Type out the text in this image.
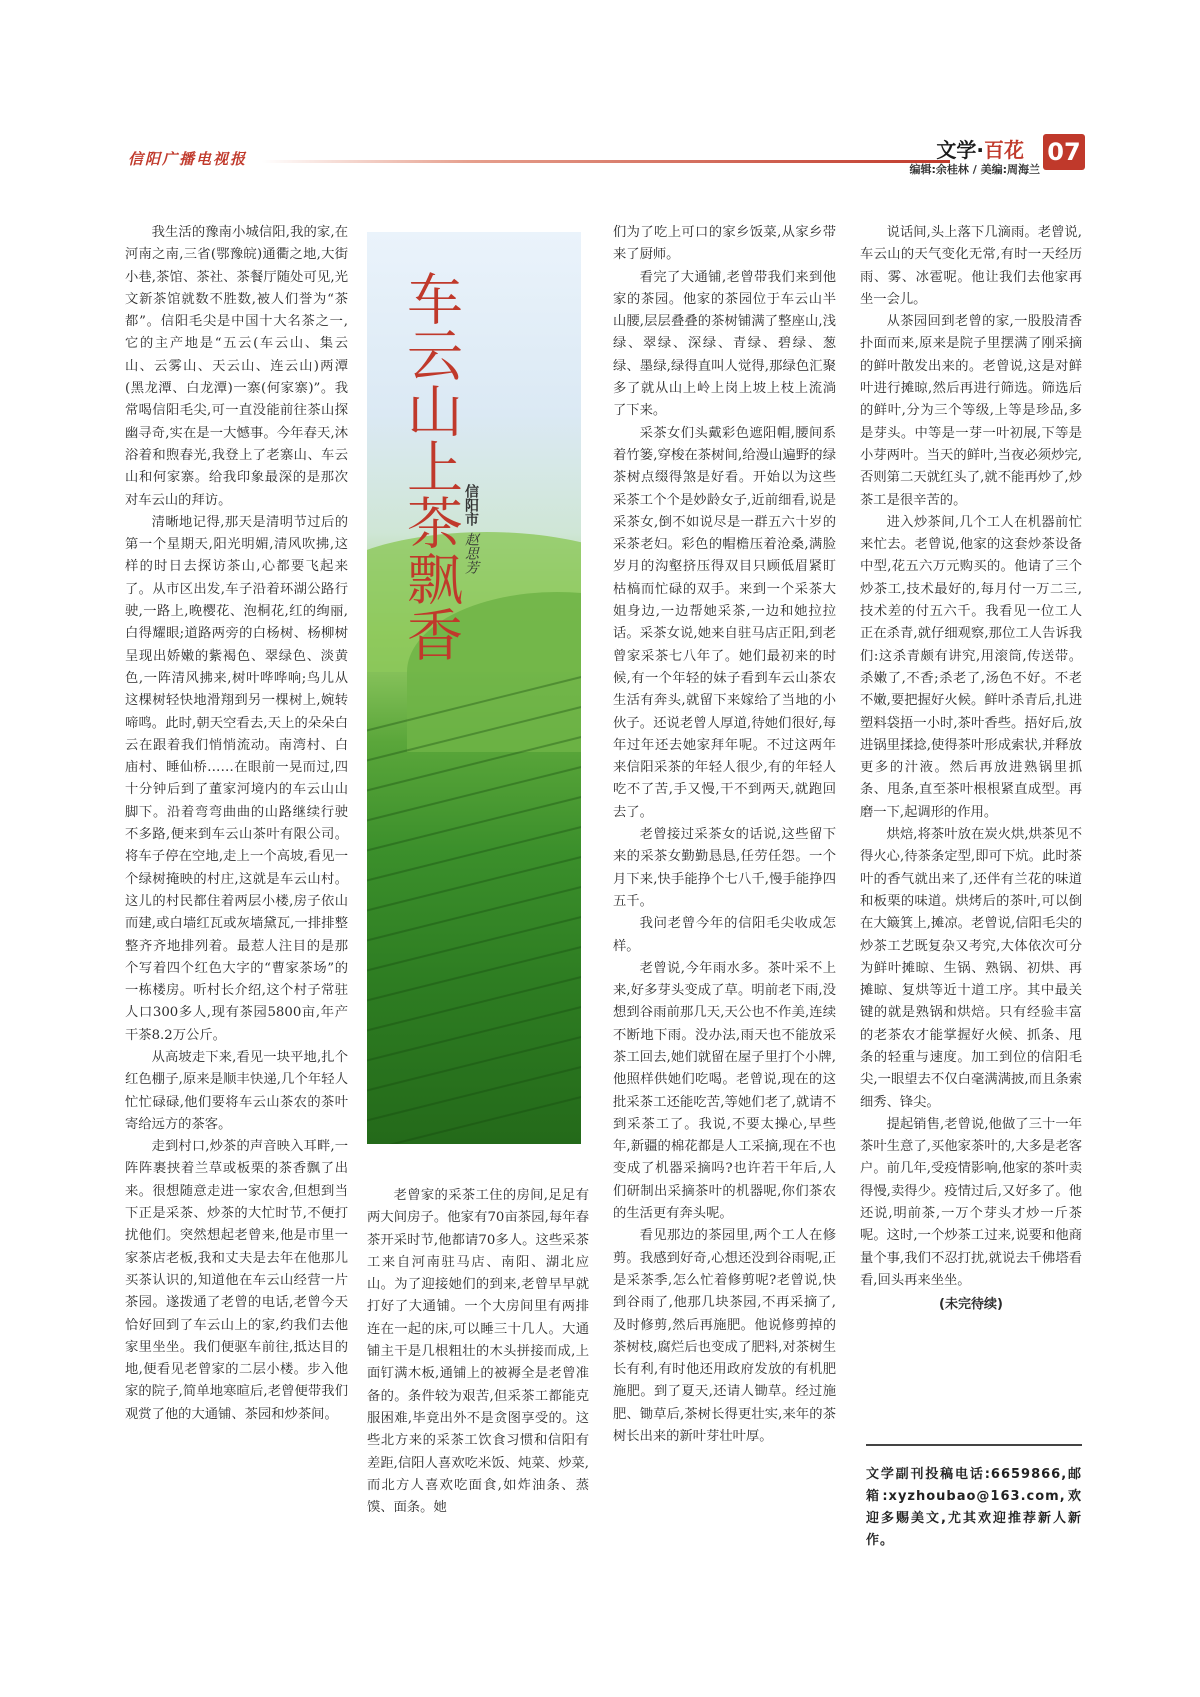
信阳广播电视报	文学·百花
编辑:余桂林 / 美编:周海兰
07
车云山上茶飘香 信阳市赵思芳

我生活的豫南小城信阳,我的家,在河南之南,三省(鄂豫皖)通衢之地,大街小巷,茶馆、茶社、茶餐厅随处可见,光文新茶馆就数不胜数,被人们誉为“茶都”。信阳毛尖是中国十大名茶之一,它的主产地是“五云(车云山、集云山、云雾山、天云山、连云山)两潭(黑龙潭、白龙潭)一寨(何家寨)”。我常喝信阳毛尖,可一直没能前往茶山探幽寻奇,实在是一大憾事。今年春天,沐浴着和煦春光,我登上了老寨山、车云山和何家寨。给我印象最深的是那次对车云山的拜访。

清晰地记得,那天是清明节过后的第一个星期天,阳光明媚,清风吹拂,这样的时日去探访茶山,心都要飞起来了。从市区出发,车子沿着环湖公路行驶,一路上,晚樱花、泡桐花,红的绚丽,白得耀眼;道路两旁的白杨树、杨柳树呈现出娇嫩的紫褐色、翠绿色、淡黄色,一阵清风拂来,树叶哗哗响;鸟儿从这棵树轻快地滑翔到另一棵树上,婉转啼鸣。此时,朝天空看去,天上的朵朵白云在跟着我们悄悄流动。南湾村、白庙村、睡仙桥……在眼前一晃而过,四十分钟后到了董家河境内的车云山山脚下。沿着弯弯曲曲的山路继续行驶不多路,便来到车云山茶叶有限公司。将车子停在空地,走上一个高坡,看见一个绿树掩映的村庄,这就是车云山村。这儿的村民都住着两层小楼,房子依山而建,或白墙红瓦或灰墙黛瓦,一排排整整齐齐地排列着。最惹人注目的是那个写着四个红色大字的“曹家茶场”的一栋楼房。听村长介绍,这个村子常驻人口300多人,现有茶园5800亩,年产干茶8.2万公斤。

从高坡走下来,看见一块平地,扎个红色棚子,原来是顺丰快递,几个年轻人忙忙碌碌,他们要将车云山茶农的茶叶寄给远方的茶客。

走到村口,炒茶的声音映入耳畔,一阵阵裹挟着兰草或板栗的茶香飘了出来。很想随意走进一家农舍,但想到当下正是采茶、炒茶的大忙时节,不便打扰他们。突然想起老曾来,他是市里一家茶店老板,我和丈夫是去年在他那儿买茶认识的,知道他在车云山经营一片茶园。遂拨通了老曾的电话,老曾今天恰好回到了车云山上的家,约我们去他家里坐坐。我们便驱车前往,抵达目的地,便看见老曾家的二层小楼。步入他家的院子,简单地寒暄后,老曾便带我们观赏了他的大通铺、茶园和炒茶间。

老曾家的采茶工住的房间,足足有两大间房子。他家有70亩茶园,每年春茶开采时节,他都请70多人。这些采茶工来自河南驻马店、南阳、湖北应山。为了迎接她们的到来,老曾早早就打好了大通铺。一个大房间里有两排连在一起的床,可以睡三十几人。大通铺主干是几根粗壮的木头拼接而成,上面钉满木板,通铺上的被褥全是老曾准备的。条件较为艰苦,但采茶工都能克服困难,毕竟出外不是贪图享受的。这些北方来的采茶工饮食习惯和信阳有差距,信阳人喜欢吃米饭、炖菜、炒菜,而北方人喜欢吃面食,如炸油条、蒸馍、面条。她

们为了吃上可口的家乡饭菜,从家乡带来了厨师。

看完了大通铺,老曾带我们来到他家的茶园。他家的茶园位于车云山半山腰,层层叠叠的茶树铺满了整座山,浅绿、翠绿、深绿、青绿、碧绿、葱绿、墨绿,绿得直叫人觉得,那绿色汇聚多了就从山上岭上岗上坡上枝上流淌了下来。

采茶女们头戴彩色遮阳帽,腰间系着竹篓,穿梭在茶树间,给漫山遍野的绿茶树点缀得煞是好看。开始以为这些采茶工个个是妙龄女子,近前细看,说是采茶女,倒不如说尽是一群五六十岁的采茶老妇。彩色的帽檐压着沧桑,满脸岁月的沟壑挤压得双目只顾低眉紧盯枯槁而忙碌的双手。来到一个采茶大姐身边,一边帮她采茶,一边和她拉拉话。采茶女说,她来自驻马店正阳,到老曾家采茶七八年了。她们最初来的时候,有一个年轻的妹子看到车云山茶农生活有奔头,就留下来嫁给了当地的小伙子。还说老曾人厚道,待她们很好,每年过年还去她家拜年呢。不过这两年来信阳采茶的年轻人很少,有的年轻人吃不了苦,手又慢,干不到两天,就跑回去了。

老曾接过采茶女的话说,这些留下来的采茶女勤勤恳恳,任劳任怨。一个月下来,快手能挣个七八千,慢手能挣四五千。

我问老曾今年的信阳毛尖收成怎样。

老曾说,今年雨水多。茶叶采不上来,好多芽头变成了草。明前老下雨,没想到谷雨前那几天,天公也不作美,连续不断地下雨。没办法,雨天也不能放采茶工回去,她们就留在屋子里打个小牌,他照样供她们吃喝。老曾说,现在的这批采茶工还能吃苦,等她们老了,就请不到采茶工了。我说,不要太操心,早些年,新疆的棉花都是人工采摘,现在不也变成了机器采摘吗?也许若干年后,人们研制出采摘茶叶的机器呢,你们茶农的生活更有奔头呢。

看见那边的茶园里,两个工人在修剪。我感到好奇,心想还没到谷雨呢,正是采茶季,怎么忙着修剪呢?老曾说,快到谷雨了,他那几块茶园,不再采摘了,及时修剪,然后再施肥。他说修剪掉的茶树枝,腐烂后也变成了肥料,对茶树生长有利,有时他还用政府发放的有机肥施肥。到了夏天,还请人锄草。经过施肥、锄草后,茶树长得更壮实,来年的茶树长出来的新叶芽壮叶厚。

说话间,头上落下几滴雨。老曾说,车云山的天气变化无常,有时一天经历雨、雾、冰雹呢。他让我们去他家再坐一会儿。

从茶园回到老曾的家,一股股清香扑面而来,原来是院子里摆满了刚采摘的鲜叶散发出来的。老曾说,这是对鲜叶进行摊晾,然后再进行筛选。筛选后的鲜叶,分为三个等级,上等是珍品,多是芽头。中等是一芽一叶初展,下等是小芽两叶。当天的鲜叶,当夜必须炒完,否则第二天就红头了,就不能再炒了,炒茶工是很辛苦的。

进入炒茶间,几个工人在机器前忙来忙去。老曾说,他家的这套炒茶设备中型,花五六万元购买的。他请了三个炒茶工,技术最好的,每月付一万二三,技术差的付五六千。我看见一位工人正在杀青,就仔细观察,那位工人告诉我们:这杀青颇有讲究,用滚筒,传送带。杀嫩了,不香;杀老了,汤色不好。不老不嫩,要把握好火候。鲜叶杀青后,扎进塑料袋捂一小时,茶叶香些。捂好后,放进锅里揉捻,使得茶叶形成索状,并释放更多的汁液。然后再放进熟锅里抓条、甩条,直至茶叶根根紧直成型。再磨一下,起调形的作用。

烘焙,将茶叶放在炭火烘,烘茶见不得火心,待茶条定型,即可下炕。此时茶叶的香气就出来了,还伴有兰花的味道和板栗的味道。烘烤后的茶叶,可以倒在大簸箕上,摊凉。老曾说,信阳毛尖的炒茶工艺既复杂又考究,大体依次可分为鲜叶摊晾、生锅、熟锅、初烘、再摊晾、复烘等近十道工序。其中最关键的就是熟锅和烘焙。只有经验丰富的老茶农才能掌握好火候、抓条、甩条的轻重与速度。加工到位的信阳毛尖,一眼望去不仅白毫满满披,而且条索细秀、锋尖。

提起销售,老曾说,他做了三十一年茶叶生意了,买他家茶叶的,大多是老客户。前几年,受疫情影响,他家的茶叶卖得慢,卖得少。疫情过后,又好多了。他还说,明前茶,一万个芽头才炒一斤茶呢。这时,一个炒茶工过来,说要和他商量个事,我们不忍打扰,就说去千佛塔看看,回头再来坐坐。

(未完待续)
文学副刊投稿电话:6659866,邮箱:xyzhoubao@163.com,欢迎多赐美文,尤其欢迎推荐新人新作。
